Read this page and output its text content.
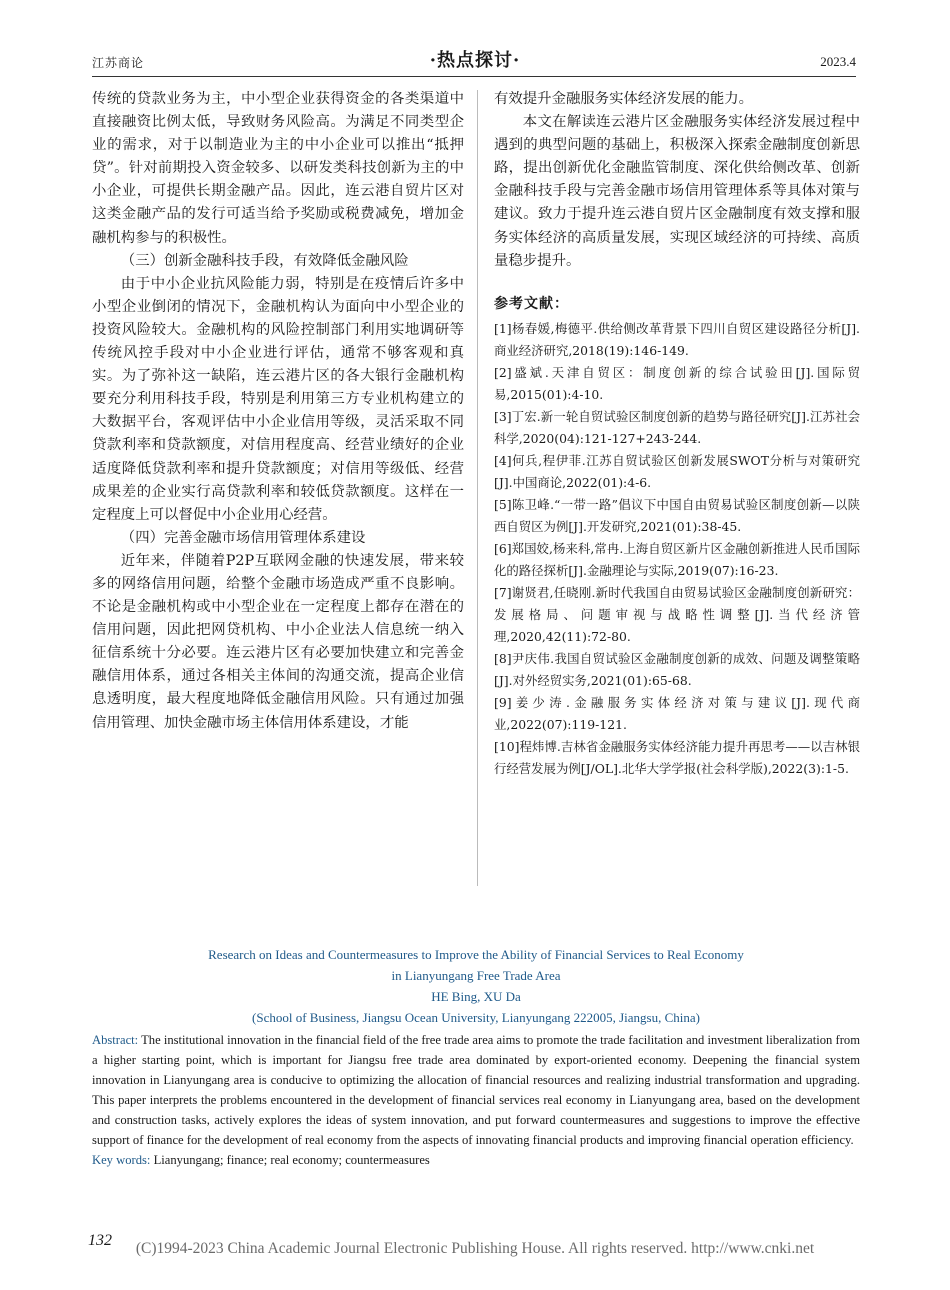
江苏商论	·热点探讨·	2023.4

传统的贷款业务为主，中小型企业获得资金的各类渠道中直接融资比例太低，导致财务风险高。为满足不同类型企业的需求，对于以制造业为主的中小企业可以推出“抵押贷”。针对前期投入资金较多、以研发类科技创新为主的中小企业，可提供长期金融产品。因此，连云港自贸片区对这类金融产品的发行可适当给予奖励或税费减免，增加金融机构参与的积极性。

（三）创新金融科技手段，有效降低金融风险

由于中小企业抗风险能力弱，特别是在疫情后许多中小型企业倒闭的情况下，金融机构认为面向中小型企业的投资风险较大。金融机构的风险控制部门利用实地调研等传统风控手段对中小企业进行评估，通常不够客观和真实。为了弥补这一缺陷，连云港片区的各大银行金融机构要充分利用科技手段，特别是利用第三方专业机构建立的大数据平台，客观评估中小企业信用等级，灵活采取不同贷款利率和贷款额度，对信用程度高、经营业绩好的企业适度降低贷款利率和提升贷款额度；对信用等级低、经营成果差的企业实行高贷款利率和较低贷款额度。这样在一定程度上可以督促中小企业用心经营。

（四）完善金融市场信用管理体系建设

近年来，伴随着P2P互联网金融的快速发展，带来较多的网络信用问题，给整个金融市场造成严重不良影响。不论是金融机构或中小型企业在一定程度上都存在潜在的信用问题，因此把网贷机构、中小企业法人信息统一纳入征信系统十分必要。连云港片区有必要加快建立和完善金融信用体系，通过各相关主体间的沟通交流，提高企业信息透明度，最大程度地降低金融信用风险。只有通过加强信用管理、加快金融市场主体信用体系建设，才能

有效提升金融服务实体经济发展的能力。

本文在解读连云港片区金融服务实体经济发展过程中遇到的典型问题的基础上，积极深入探索金融制度创新思路，提出创新优化金融监管制度、深化供给侧改革、创新金融科技手段与完善金融市场信用管理体系等具体对策与建议。致力于提升连云港自贸片区金融制度有效支撑和服务实体经济的高质量发展，实现区域经济的可持续、高质量稳步提升。

参考文献：

[1]杨春媛,梅德平.供给侧改革背景下四川自贸区建设路径分析[J].商业经济研究,2018(19):146-149.
[2]盛斌.天津自贸区：制度创新的综合试验田[J].国际贸易,2015(01):4-10.
[3]丁宏.新一轮自贸试验区制度创新的趋势与路径研究[J].江苏社会科学,2020(04):121-127+243-244.
[4]何兵,程伊菲.江苏自贸试验区创新发展SWOT分析与对策研究[J].中国商论,2022(01):4-6.
[5]陈卫峰.“一带一路”倡议下中国自由贸易试验区制度创新—以陕西自贸区为例[J].开发研究,2021(01):38-45.
[6]郑国姣,杨来科,常冉.上海自贸区新片区金融创新推进人民币国际化的路径探析[J].金融理论与实际,2019(07):16-23.
[7]谢贤君,任晓刚.新时代我国自由贸易试验区金融制度创新研究：发展格局、问题审视与战略性调整[J].当代经济管理,2020,42(11):72-80.
[8]尹庆伟.我国自贸试验区金融制度创新的成效、问题及调整策略[J].对外经贸实务,2021(01):65-68.
[9]姜少涛.金融服务实体经济对策与建议[J].现代商业,2022(07):119-121.
[10]程炜博.吉林省金融服务实体经济能力提升再思考——以吉林银行经营发展为例[J/OL].北华大学学报(社会科学版),2022(3):1-5.

Research on Ideas and Countermeasures to Improve the Ability of Financial Services to Real Economy

in Lianyungang Free Trade Area

HE Bing, XU Da

(School of Business, Jiangsu Ocean University, Lianyungang 222005, Jiangsu, China)

Abstract: The institutional innovation in the financial field of the free trade area aims to promote the trade facilitation and investment liberalization from a higher starting point, which is important for Jiangsu free trade area dominated by export-oriented economy. Deepening the financial system innovation in Lianyungang area is conducive to optimizing the allocation of financial resources and realizing industrial transformation and upgrading. This paper interprets the problems encountered in the development of financial services real economy in Lianyungang area, based on the development and construction tasks, actively explores the ideas of system innovation, and put forward countermeasures and suggestions to improve the effective support of finance for the development of real economy from the aspects of innovating financial products and improving financial operation efficiency.

Key words: Lianyungang; finance; real economy; countermeasures

132	(C)1994-2023 China Academic Journal Electronic Publishing House. All rights reserved. http://www.cnki.net
